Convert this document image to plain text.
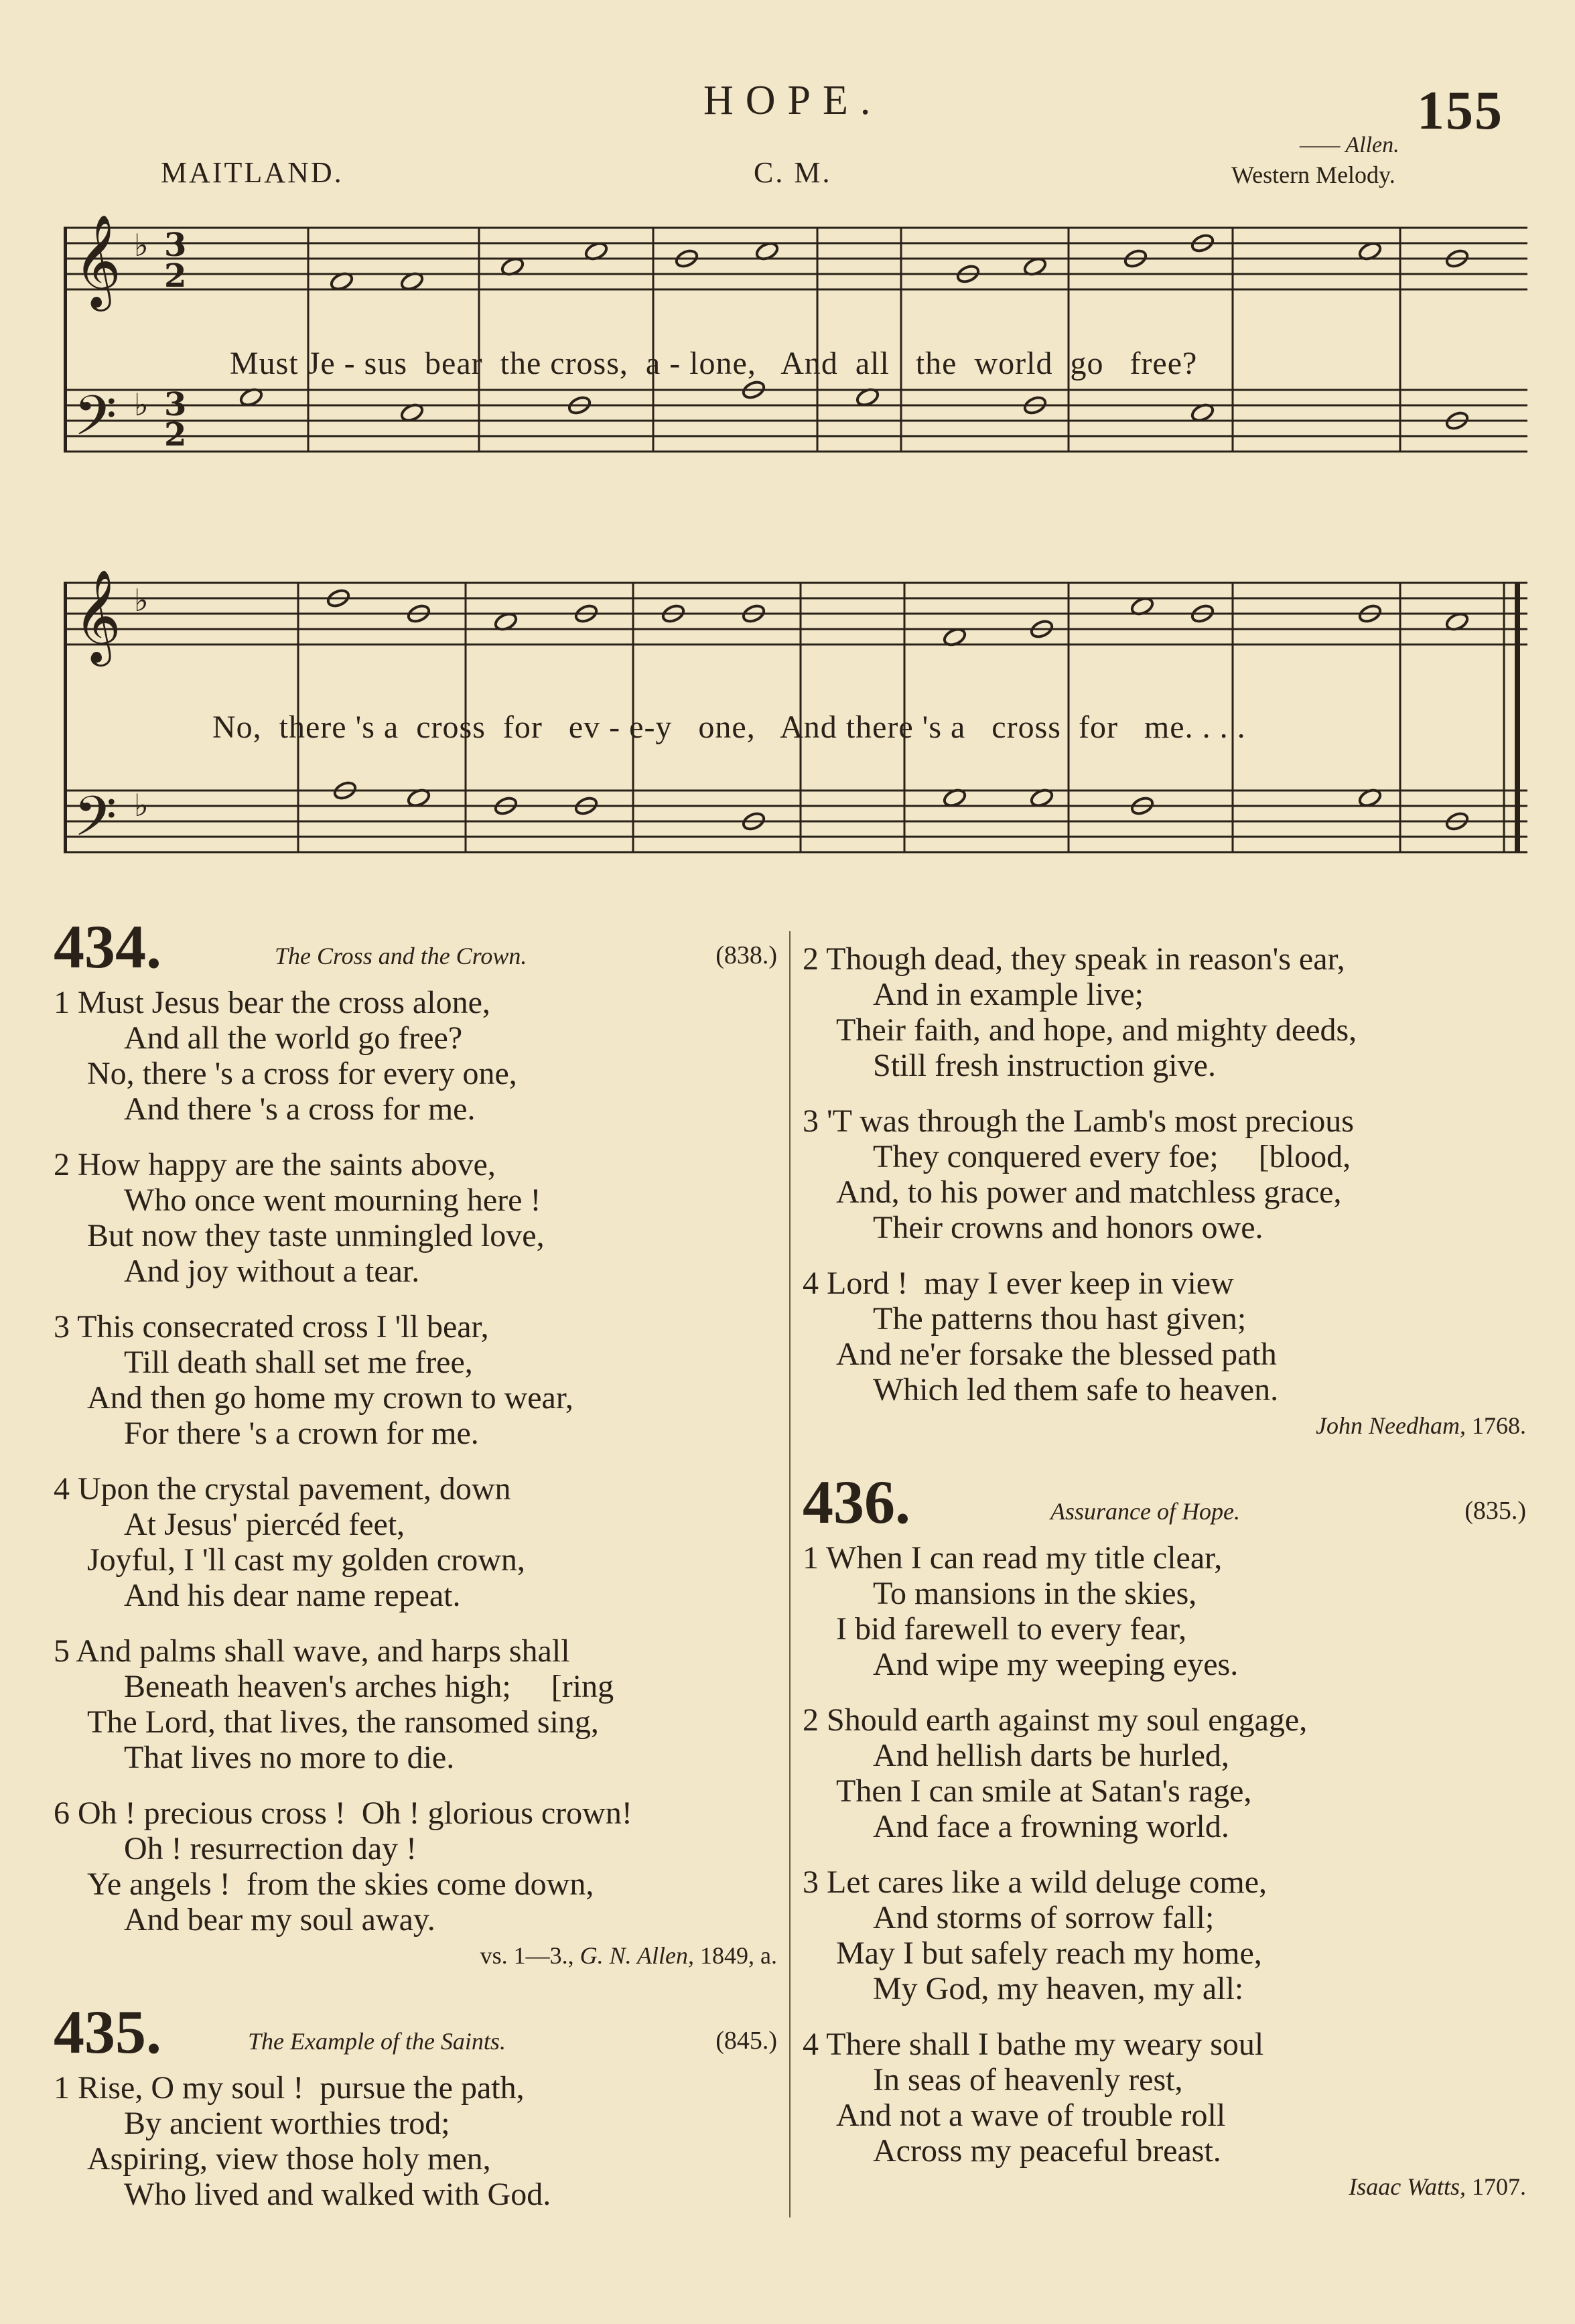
HOPE.	155
MAITLAND.	C. M.
—— Allen.
Western Melody.
𝄞
𝄢
♭ 3
2
♭ 3
2
Must Je - sus  bear  the cross,  a - lone,   And  all   the  world  go   free?
𝄞
𝄢
♭
♭
No,  there 's a  cross  for   ev - e-y   one,   And there 's a   cross  for   me. . . .
434.	The Cross and the Crown.	(838.)
1 Must Jesus bear the cross alone,
And all the world go free?
No, there 's a cross for every one,
And there 's a cross for me.
2 How happy are the saints above,
Who once went mourning here !
But now they taste unmingled love,
And joy without a tear.
3 This consecrated cross I 'll bear,
Till death shall set me free,
And then go home my crown to wear,
For there 's a crown for me.
4 Upon the crystal pavement, down
At Jesus' piercéd feet,
Joyful, I 'll cast my golden crown,
And his dear name repeat.
5 And palms shall wave, and harps shall
Beneath heaven's arches high;     [ring
The Lord, that lives, the ransomed sing,
That lives no more to die.
6 Oh ! precious cross !  Oh ! glorious crown!
Oh ! resurrection day !
Ye angels !  from the skies come down,
And bear my soul away.
vs. 1—3., G. N. Allen, 1849, a.
435.	The Example of the Saints.	(845.)
1 Rise, O my soul !  pursue the path,
By ancient worthies trod;
Aspiring, view those holy men,
Who lived and walked with God.
2 Though dead, they speak in reason's ear,
And in example live;
Their faith, and hope, and mighty deeds,
Still fresh instruction give.
3 'T was through the Lamb's most precious
They conquered every foe;     [blood,
And, to his power and matchless grace,
Their crowns and honors owe.
4 Lord !  may I ever keep in view
The patterns thou hast given;
And ne'er forsake the blessed path
Which led them safe to heaven.
John Needham, 1768.
436.	Assurance of Hope.	(835.)
1 When I can read my title clear,
To mansions in the skies,
I bid farewell to every fear,
And wipe my weeping eyes.
2 Should earth against my soul engage,
And hellish darts be hurled,
Then I can smile at Satan's rage,
And face a frowning world.
3 Let cares like a wild deluge come,
And storms of sorrow fall;
May I but safely reach my home,
My God, my heaven, my all:
4 There shall I bathe my weary soul
In seas of heavenly rest,
And not a wave of trouble roll
Across my peaceful breast.
Isaac Watts, 1707.
